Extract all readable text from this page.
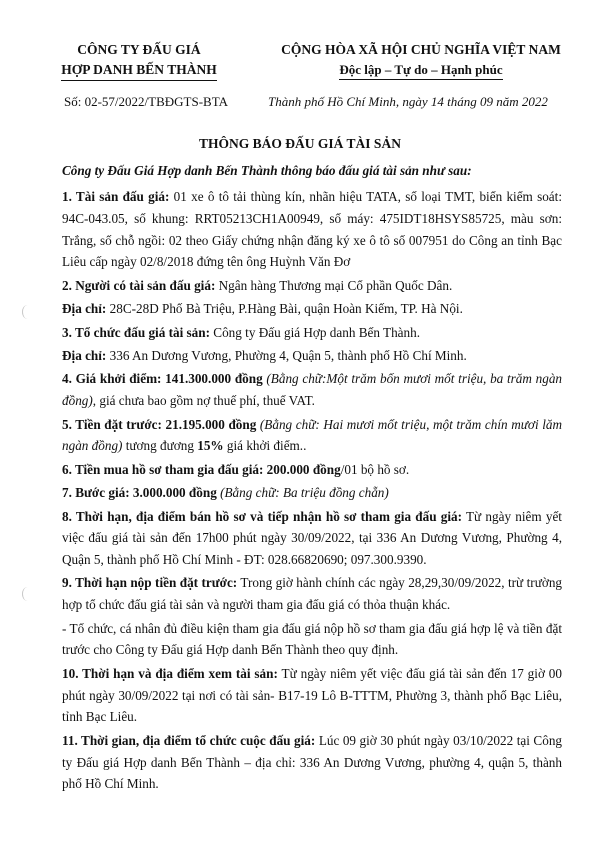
CÔNG TY ĐẤU GIÁ
HỢP DANH BẾN THÀNH
CỘNG HÒA XÃ HỘI CHỦ NGHĨA VIỆT NAM
Độc lập – Tự do – Hạnh phúc
Số: 02-57/2022/TBĐGTS-BTA	Thành phố Hồ Chí Minh, ngày 14 tháng 09 năm 2022
THÔNG BÁO ĐẤU GIÁ TÀI SẢN
Công ty Đấu Giá Hợp danh Bến Thành thông báo đấu giá tài sản như sau:

1. Tài sản đấu giá: 01 xe ô tô tải thùng kín, nhãn hiệu TATA, số loại TMT, biển kiểm soát: 94C-043.05, số khung: RRT05213CH1A00949, số máy: 475IDT18HSYS85725, màu sơn: Trắng, số chỗ ngồi: 02 theo Giấy chứng nhận đăng ký xe ô tô số 007951 do Công an tỉnh Bạc Liêu cấp ngày 02/8/2018 đứng tên ông Huỳnh Văn Đơ

2. Người có tài sản đấu giá: Ngân hàng Thương mại Cổ phần Quốc Dân.

Địa chỉ: 28C-28D Phố Bà Triệu, P.Hàng Bài, quận Hoàn Kiếm, TP. Hà Nội.

3. Tổ chức đấu giá tài sản: Công ty Đấu giá Hợp danh Bến Thành.

Địa chỉ: 336 An Dương Vương, Phường 4, Quận 5, thành phố Hồ Chí Minh.

4. Giá khởi điểm: 141.300.000 đồng (Bằng chữ:Một trăm bốn mươi mốt triệu, ba trăm ngàn đồng), giá chưa bao gồm nợ thuế phí, thuế VAT.

5. Tiền đặt trước: 21.195.000 đồng (Bằng chữ: Hai mươi mốt triệu, một trăm chín mươi lăm ngàn đồng) tương đương 15% giá khởi điểm..

6. Tiền mua hồ sơ tham gia đấu giá: 200.000 đồng/01 bộ hồ sơ.

7. Bước giá: 3.000.000 đồng (Bằng chữ: Ba triệu đồng chẵn)

8. Thời hạn, địa điểm bán hồ sơ và tiếp nhận hồ sơ tham gia đấu giá: Từ ngày niêm yết việc đấu giá tài sản đến 17h00 phút ngày 30/09/2022, tại 336 An Dương Vương, Phường 4, Quận 5, thành phố Hồ Chí Minh - ĐT: 028.66820690; 097.300.9390.

9. Thời hạn nộp tiền đặt trước: Trong giờ hành chính các ngày 28,29,30/09/2022, trừ trường hợp tổ chức đấu giá tài sản và người tham gia đấu giá có thỏa thuận khác.

- Tổ chức, cá nhân đủ điều kiện tham gia đấu giá nộp hồ sơ tham gia đấu giá hợp lệ và tiền đặt trước cho Công ty Đấu giá Hợp danh Bến Thành theo quy định.

10. Thời hạn và địa điểm xem tài sản: Từ ngày niêm yết việc đấu giá tài sản đến 17 giờ 00 phút ngày 30/09/2022 tại nơi có tài sản- B17-19 Lô B-TTTM, Phường 3, thành phố Bạc Liêu, tỉnh Bạc Liêu.

11. Thời gian, địa điểm tổ chức cuộc đấu giá: Lúc 09 giờ 30 phút ngày 03/10/2022 tại Công ty Đấu giá Hợp danh Bến Thành – địa chỉ: 336 An Dương Vương, phường 4, quận 5, thành phố Hồ Chí Minh.
